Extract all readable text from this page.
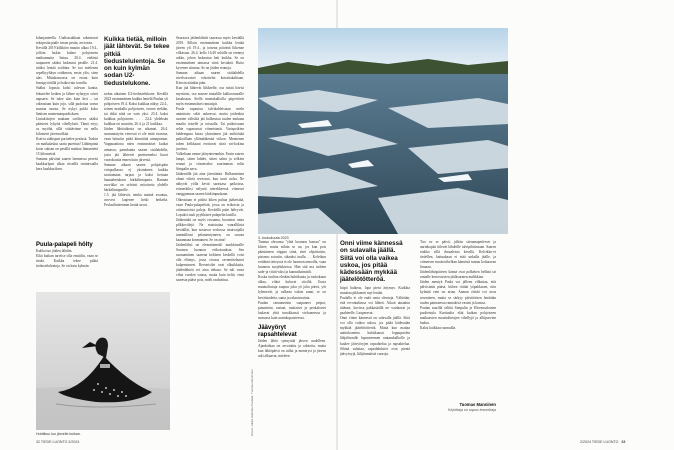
kiharjanteella. Uudisasukkaat rakentavat tekopesän pääle toisen pesän, arvioiota.

Kevällä 2019 kilkkiön muutto alkaa 19.4., jolloin laskin kolme pohjoiseen matkannutta lintua. 20.4. etelästä saapuneet sääksi laskeutui pesälle. 21.4. sääksi lentää soidinta. Se tuo mielenen sepelkyyhkyn soidinnon, ensin ylös, siten alas. Mittakaavassa on erona kuin hussipyöräillä ja lisäksi nin tornilla.

Sääksi lopusta kohti tulevan kantta, lekuttelee hetken ja lähtee nyhnyyn siivet napsaen. Se tulee alas kuin kivi – tai oikeastaan kuin jojo, sillä pudottua savun mustaa suusta. Se nykyi pokki koko läntisen mainemanpuolisksen.

Lintukiitojen mukaan sotiliseva sääksi päästetsi lyhyttä vihellyksiä. Tämä ertyy os myöhä, sillä väittäväme on nello kilometri järvenselkää.

Kotiva sääkspari parittelee pesässä. Tuskin on matkalaskut saatu purettua! Lähimpänä koon suksan on pesällä matkaa linnuntietä 15 kilometriä.

Samana päivänä saaren lammessa peseisi kaakkurlpari alkaa ritstellä sinitaivaalla kera kaakkuriloen.

Puula-palapeli hölty

Kuhka tuo jäiden lähdön.

Eikä kuikan tarvitse olla ensitilin, vaan se tietää. Kuikka tekee pitkiä tiedustelulentoja. Se on kuin kylmän

Kuikka tietää, milloin jäät lähtevät. Se tekee pitkiä tiedustelulentoja. Se on kuin kylmän sodan U2-tiedustelukone.

sodan aikainen U2-tiedustelukone. Kevällä 2023 ensimmäinen kuikka lentelä Puulan yli pohjoiseen 19.4. Kaksi kuikkaa näkyy 22.4., toinen matkalla pohjoiseen, toinen etelään, tai ehkä niitä on vain yksi. 23.4. kaksi kuikkaa pohjoiseen. . . . 24.4. yhdeksän kuikkaa eri suuntiin. 26.4. ja 21 kuikkaa.

Jäiden lähtöaikesta on aikamat. 26.4. sunnuntaiyön vierossä ei ole enää avantoa, vaan lutturiin pitää kiinnittää uimapurtaat. Vappuaattona näen ensimmäiset kuikat uimassa; parmkunta saaren sisälahdella, josta jää lähtevät peräisemeksi kuori vuorokautta ennen kuin järvestä.

Samaan aikaan saaren pohjoispäin viriqaalkassa ej yksinämen kuikka souttamaan tarjaat ja kaksi kertaan lanaaahetuksen härkälintupariа. Rannan ruovikko on selvästi mitoitettu yhdelle härkälintuparille.

1.5. jää lähtevät, nenka maänä avautuu, avovesi laajenee hetki hetkeltä. Peslasilinteenmin kesää suvut.

Huhtikuu luo järvelle kuikan.

Seuraava jäidenlähtöä saavassa myös keväällä 2019. Silloin ensimmäinen kuikka lentää järven yli 19.4., ja toisena päivänä liikenne vilkastuu. 26.4. kello 16.40 seläille on erennyt rakko, johon laskeutuu heti kuikka. Se on ensimmäinen uimassa siinä keväänä. Rutto kyvenee siinnuu. Se on jäiden reunoja.

Samaan aikaan saaren sisälahdella nivelsorsaiset vokottelut koiraitakaltiaan. Kiersin näinkin päin.

Kun jää lähtevät liikkeelle, osa niistä hävisi myrsinsti, osa nousee matalille kalliorannoille kasaksaan. Siellä mantakalloilla piipertävät myös ensimmäiset rantasipit.

Puula vapautuu talvikahleistaan neeln aminttain: selät aukeavat, muita joidenkin saarten välisiltä jää kulkeutuu tuulen mukana maalta toiselle ja toisaalla. Tai paikoissaan seläe vaparaavat viimeisimät. Varispoikien lahdempara kassa yksinämen jää möhöittää paikoillaan yllämääkenää viikon. Mennenen tuhen kelkkaaat erottuvat siinä vai-kokina juovina.

Valkeltaan nenne jäärynteenmhin. Ensin saaren lampi, sitten lahdet, sitten salmi ja selkien reunat ja viimeiseksi saurimman seläs Simpalin aava.

Jääkentillä jää aina järestämiä. Halkeaminen ohunt vihrtä reveonot, kun tuuti nolsa. Ne näkyvät yöllа kevät sarastasa paikoissa, esimerkiksi nelyntä nierekkeessä viimeset vanggumaan saaren kärkiinpuskaan.

Oikeastaan ei pitäisi kiken puhua jääkeistää, vaan Puula-palapelistä, jossa on erikoisin ja ottimuotoisia paloja. Keväällä palat hälvyvät. Lopuksi tuuli pyyhkäsee palapelin lastilla.

Jääkenttää on myös ruvaama, huomion omia pilkkovälejä. Ne muistuttaa vaaralliksia keväälläi, kun nostavat verhossa tasaivaijalla tummilleasi pelamentymeen, on suoraa kaaannaaa kreanamen. Se on aina!

Jäidenlähtö on elematämestli markkinoille Suomen luonnon erikoisuuksia. Sen sauraaminen saarena keltinen keskellä voisi olla elämys, jossa virassa ravemittelaaset kulpensimeet. Revonisilet ovat olkuikkaita, jäidenlähtöä voi aina tiekasa. Se tuli vasta vihta vuoden vaiasa, mutta kuin tieltä, etnsi saaresta pääse pois, mieli rauhoittuu.

Kuvat: Jukka Salmela Puulalla, Tuomas Manninen

Tunnua olevansa "yhtä luonnon kanssa" on kliseе, mutta siihän se on, jos kun pois päästäneen riippaa siinä, ettei ohjoittaisin, pistamo soturiin, sikaaksi tuulla. . . Koletkun erittäinä tieteyssä ei ole luonnon armoilla, vaan luonnon suojeluksessa. Hän sitä ma tarhien sade-ja viiitti-siksi ja kannathaimisili.

Koska tuulion eletään huhtikuuta ja toukokuun alkaa, viikot kuluvat siiviliä. Uusia muuttolintuja saapuu joka yö joka päivä, yöt lyhenevät, ja valkeaa valoin sanat, se on kevättsadetta, santa ja rakastavainta.

Puulan rantametsiin saapuneet peipot, punarintat, rastaat, rautiaiset ja peukaloiset laulavat yhtä innokkaasti vielsaanessa ja sumussa kuin aurinkopaisteessa.

Jäävyöryt rapsahtelevat

Jäiden lähtö synnyttää järven uudelleen. Ajankohtaa on arvotutttu ja odotettu, mutta kun lähtöpäivä on tullut ja menerysi ja järven arki alkaavat, mieleen

3. toukokuuta 2023
32 TIEDE LUONTO 2/2024
Onni viime kännessä on sulavalla jäällä. Siitä voi olla vaikea uskoa, jos pitää kädessään mykkää jäätelötötteröä.

hiipii haikeus, lopa pieni ärtymys. Kuikkia muuttaa pikkuneit myt lentää.

Puulalla ei ole enää omia olentoja. Välittään, että revontulimsa voi lähteä. Aikoit ainaakin itäänne, kuvissa pakkasäällä ne voidaavat ja paahteelle. Lauperavat.

Onni viime kännessä on sulavalla jäällä. Siitä voi olla vaikea uskoa, jos pitää kädessään mykkää jäätelötötteröä. Mutta kun mattaa auttiukoneina huhtikuussi loppupuolen lähjalävaalle loponneemen rantamkalliolle ja kuulee jäävyöryjen rapsahtelua ja rapsahtelua. Sihinä sulattaa, rapsahduksiet ovat pieniä jäävyöryjä, liilijtinmäisiä vuoroja.

Tuo ov se päivä, jolloin sitruunapetfreset ja aurinkopää tiilevät lähdetlle talvipihtiinsaan. Saaren etukko sillä ilmaaleista kesellä. Kelvikko-ei tiedellen, kattuakaan ei etää unkalla jäälle, ja viimeisen moottorikelkan kännistä tuntuu kohtaavan linuaan.

Jäidenlähtöpäivien kännä ovat polkeken hellinä tai rantalle kerrostuvien jääläsuraten malikkina.

Jäiden mentyä Puula voi jälleen vilkuttaa, että pälvisimät pääsä, hiihen riittää yöpakkasen, niin kylmää veni on aisan. Aamun riittää voi avoa sesentteen, mutta se särkyy päivittäisen herätään tuulen paimatessa ramtakivä vasten ja kanssa.

Puulan saarillä selittä Simpalin ja Hirvensaloinen puoliestula Karttuulia elää kuikan pohjoiseen matkaavien muuttolintujen vihellyjä ja alltiparvien lauluu.

Kaksi kuikkaa ruonualla.

Tuomas Manninen
Kirjoittaja on sapuo tesonittaja
2/2024 TIEDE LUONTO 33
